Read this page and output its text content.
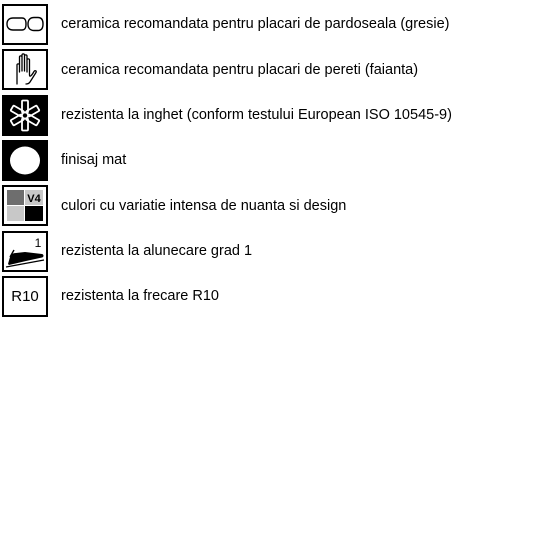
ceramica recomandata pentru placari de pardoseala (gresie)
ceramica recomandata pentru placari de pereti (faianta)
rezistenta la inghet (conform testului European ISO 10545-9)
finisaj mat
V4 culori cu variatie intensa de nuanta si design
1
rezistenta la alunecare grad 1
R10	rezistenta la frecare R10
